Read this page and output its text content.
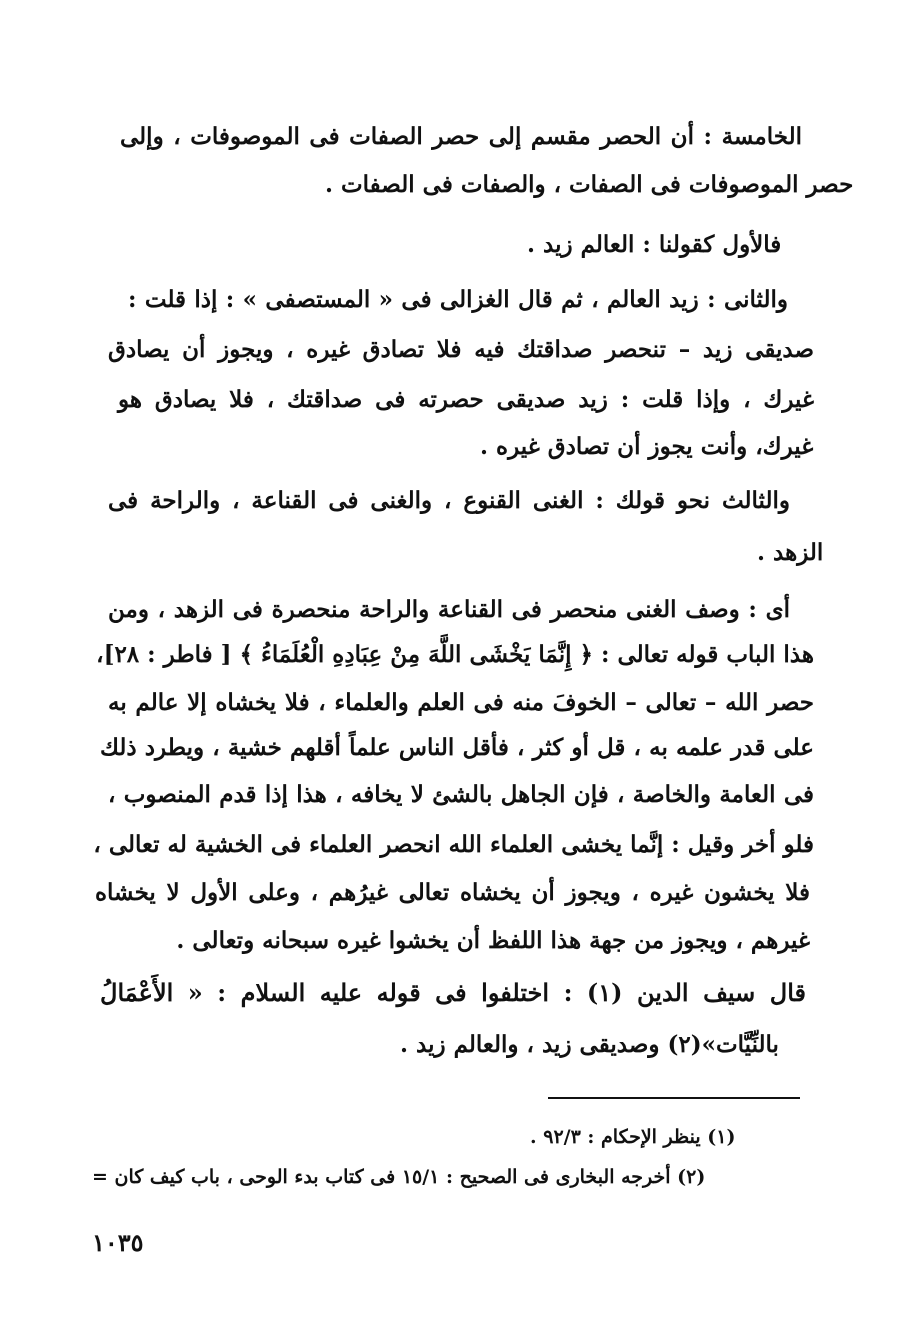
الخامسة : أن الحصر مقسم إلى حصر الصفات فى الموصوفات ، وإلى
حصر الموصوفات فى الصفات ، والصفات فى الصفات .
فالأول كقولنا : العالم زيد .
والثانى : زيد العالم ، ثم قال الغزالى فى « المستصفى » : إذا قلت :
صديقى زيد – تنحصر صداقتك فيه فلا تصادق غيره ، ويجوز أن يصادق
غيرك ، وإذا قلت : زيد صديقى حصرته فى صداقتك ، فلا يصادق هو
غيرك، وأنت يجوز أن تصادق غيره .
والثالث نحو قولك : الغنى القنوع ، والغنى فى القناعة ، والراحة فى
الزهد .
أى : وصف الغنى منحصر فى القناعة والراحة منحصرة فى الزهد ، ومن
هذا الباب قوله تعالى : ﴿ إِنَّمَا يَخْشَى اللَّهَ مِنْ عِبَادِهِ الْعُلَمَاءُ ﴾ [ فاطر : ٢٨]،
حصر الله – تعالى – الخوفَ منه فى العلم والعلماء ، فلا يخشاه إلا عالم به
على قدر علمه به ، قل أو كثر ، فأقل الناس علماً أقلهم خشية ، ويطرد ذلك
فى العامة والخاصة ، فإن الجاهل بالشئ لا يخافه ، هذا إذا قدم المنصوب ،
فلو أخر وقيل : إنَّما يخشى العلماء الله انحصر العلماء فى الخشية له تعالى ،
فلا يخشون غيره ، ويجوز أن يخشاه تعالى غيرُهم ، وعلى الأول لا يخشاه
غيرهم ، ويجوز من جهة هذا اللفظ أن يخشوا غيره سبحانه وتعالى .
قال سيف الدين (١) : اختلفوا فى قوله عليه السلام : « الأَعْمَالُ
بالنِّيَّات»(٢) وصديقى زيد ، والعالم زيد .
(١) ينظر الإحكام : ٩٢/٣ .
(٢) أخرجه البخارى فى الصحيح : ١٥/١ فى كتاب بدء الوحى ، باب كيف كان =
١٠٣٥
